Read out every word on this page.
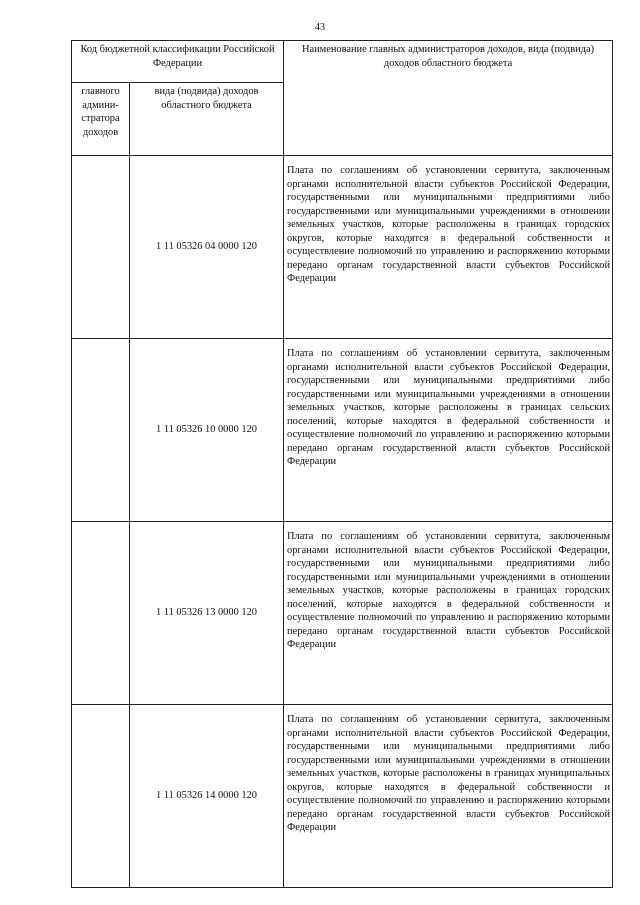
43
Код бюджетной классификации Российской Федерации		Наименование главных администраторов доходов, вида (подвида) доходов областного бюджета
главного админи-стратора доходов	вида (подвида) доходов областного бюджета	
	1 11 05326 04 0000 120	Плата по соглашениям об установлении сервитута, заключенным органами исполнительной власти субъектов Российской Федерации, государственными или муниципальными предприятиями либо государственными или муниципальными учреждениями в отношении земельных участков, которые расположены в границах городских округов, которые находятся в федеральной собственности и осуществление полномочий по управлению и распоряжению которыми передано органам государственной власти субъектов Российской Федерации

	1 11 05326 10 0000 120	Плата по соглашениям об установлении сервитута, заключенным органами исполнительной власти субъектов Российской Федерации, государственными или муниципальными предприятиями либо государственными или муниципальными учреждениями в отношении земельных участков, которые расположены в границах сельских поселений, которые находятся в федеральной собственности и осуществление полномочий по управлению и распоряжению которыми передано органам государственной власти субъектов Российской Федерации

	1 11 05326 13 0000 120	Плата по соглашениям об установлении сервитута, заключенным органами исполнительной власти субъектов Российской Федерации, государственными или муниципальными предприятиями либо государственными или муниципальными учреждениями в отношении земельных участков, которые расположены в границах городских поселений, которые находятся в федеральной собственности и осуществление полномочий по управлению и распоряжению которыми передано органам государственной власти субъектов Российской Федерации

	1 11 05326 14 0000 120	Плата по соглашениям об установлении сервитута, заключенным органами исполнительной власти субъектов Российской Федерации, государственными или муниципальными предприятиями либо государственными или муниципальными учреждениями в отношении земельных участков, которые расположены в границах муниципальных округов, которые находятся в федеральной собственности и осуществление полномочий по управлению и распоряжению которыми передано органам государственной власти субъектов Российской Федерации
